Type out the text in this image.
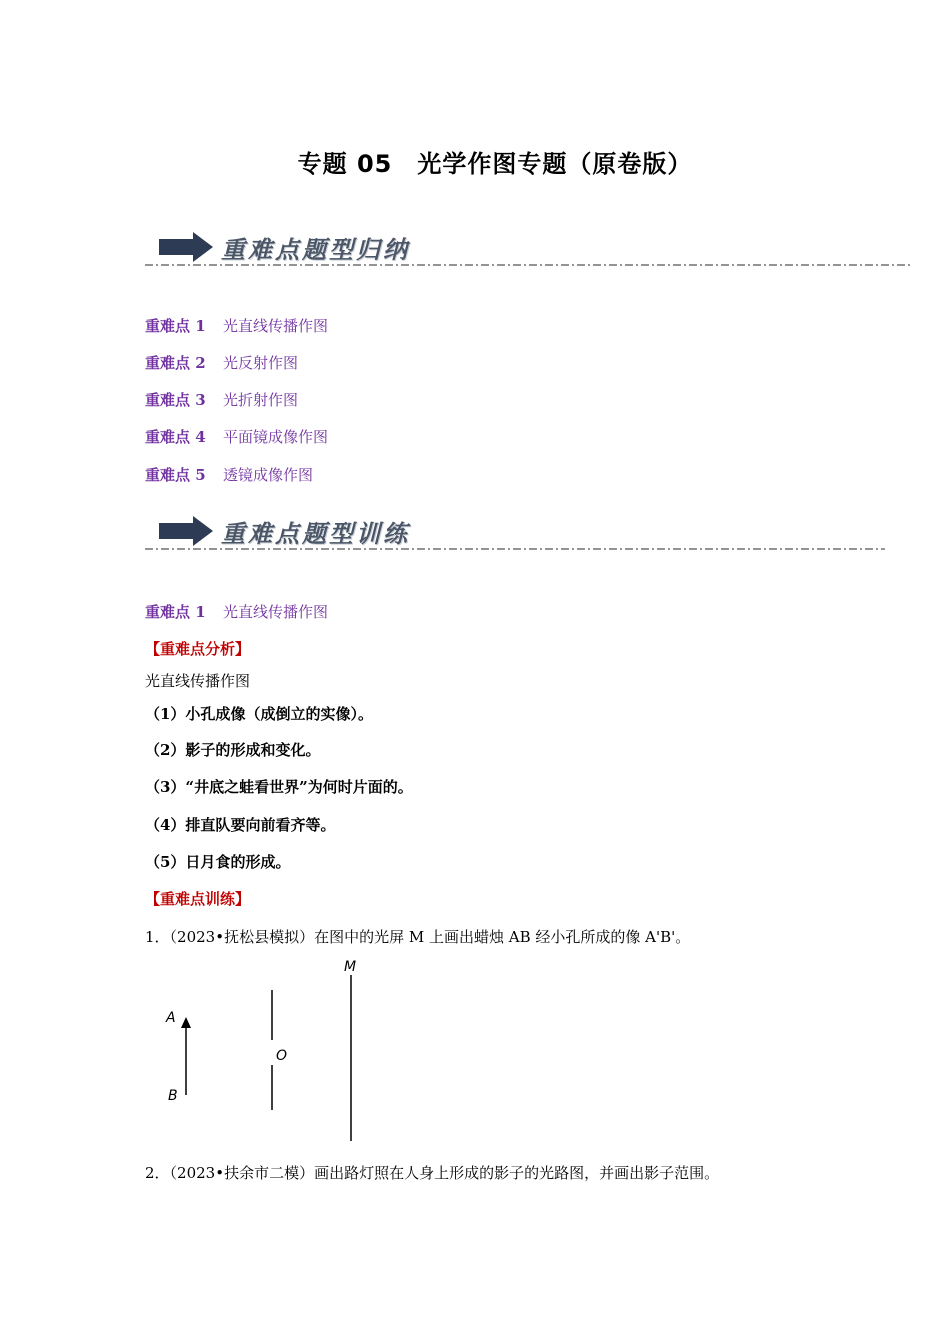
专题 05　光学作图专题（原卷版）
重难点题型归纳
重难点 1 光直线传播作图
重难点 2 光反射作图
重难点 3 光折射作图
重难点 4 平面镜成像作图
重难点 5 透镜成像作图
重难点题型训练
重难点 1 光直线传播作图
【重难点分析】
光直线传播作图
（1）小孔成像（成倒立的实像）。
（2）影子的形成和变化。
（3）“井底之蛙看世界”为何时片面的。
（4）排直队要向前看齐等。
（5）日月食的形成。
【重难点训练】
1．（2023•抚松县模拟）在图中的光屏 M 上画出蜡烛 AB 经小孔所成的像 A'B'。
A
B
O
M
2．（2023•扶余市二模）画出路灯照在人身上形成的影子的光路图，并画出影子范围。
